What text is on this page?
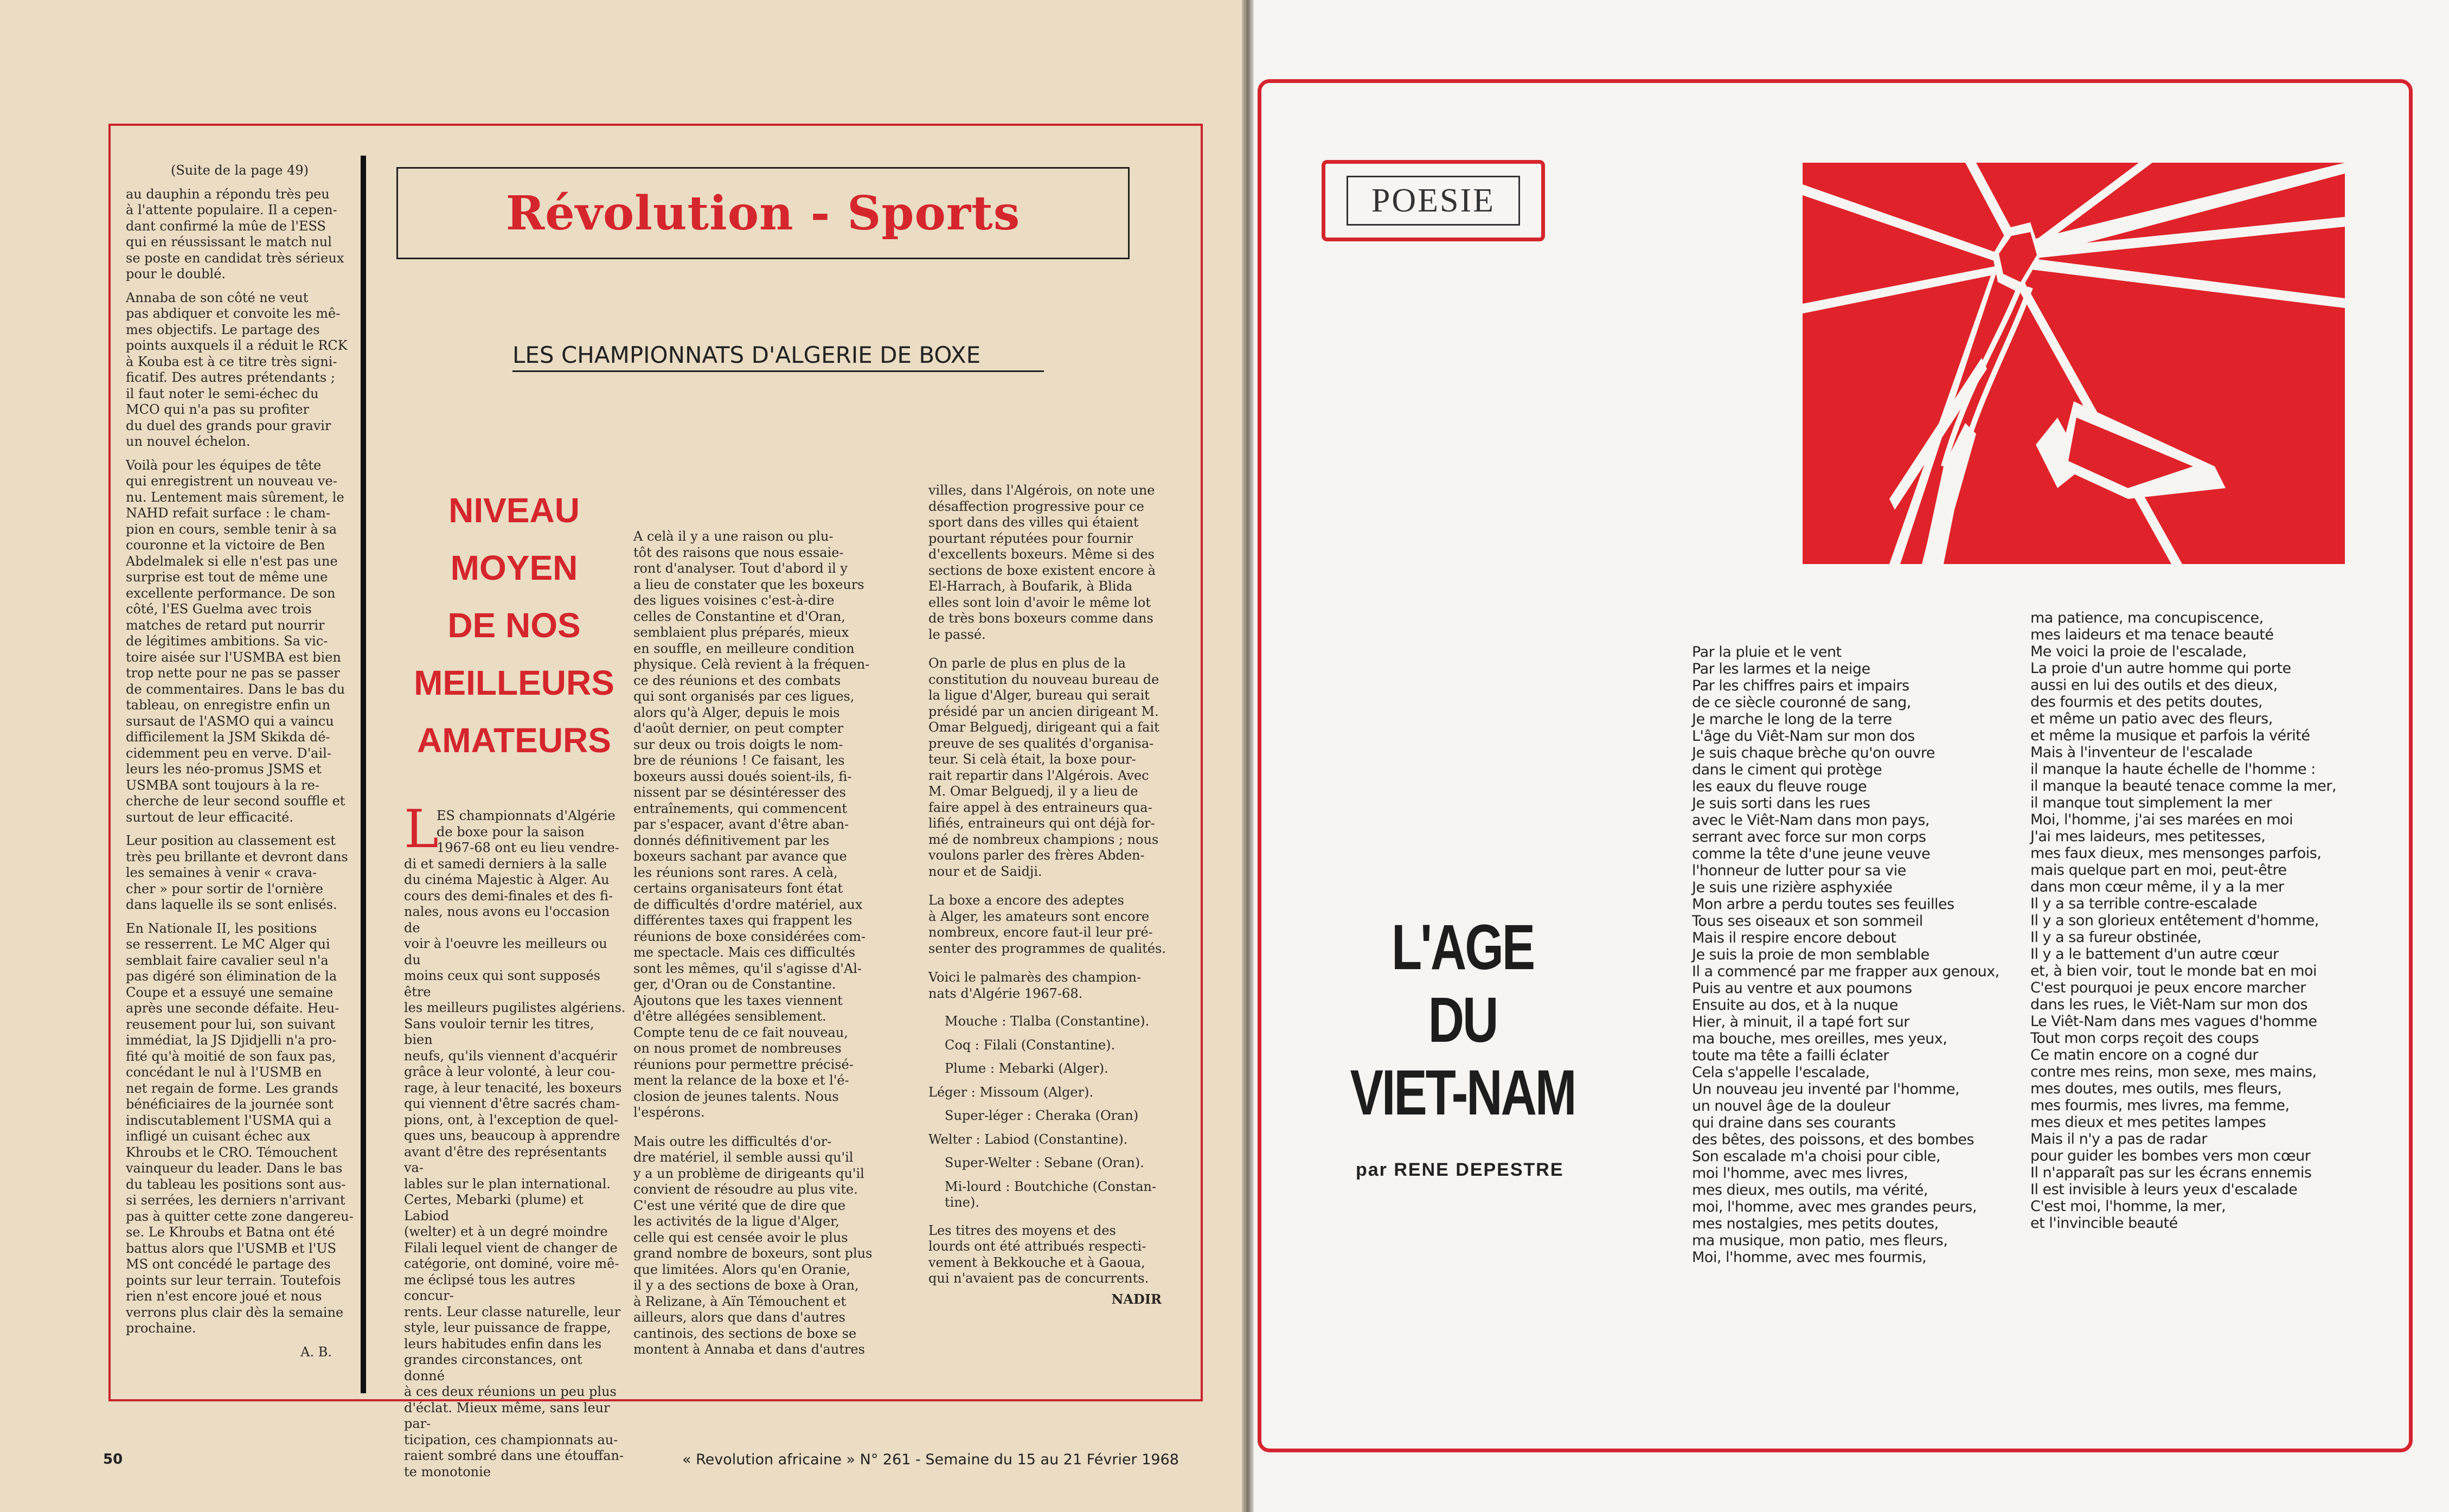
Révolution - Sports
LES CHAMPIONNATS D'ALGERIE DE BOXE
NIVEAU
MOYEN
DE NOS
MEILLEURS
AMATEURS
(Suite de la page 49)
au dauphin a répondu très peu
à l'attente populaire. Il a cepen-
dant confirmé la mûe de l'ESS
qui en réussissant le match nul
se poste en candidat très sérieux
pour le doublé.
Annaba de son côté ne veut
pas abdiquer et convoite les mê-
mes objectifs. Le partage des
points auxquels il a réduit le RCK
à Kouba est à ce titre très signi-
ficatif. Des autres prétendants ;
il faut noter le semi-échec du
MCO qui n'a pas su profiter
du duel des grands pour gravir
un nouvel échelon.
Voilà pour les équipes de tête
qui enregistrent un nouveau ve-
nu. Lentement mais sûrement, le
NAHD refait surface : le cham-
pion en cours, semble tenir à sa
couronne et la victoire de Ben
Abdelmalek si elle n'est pas une
surprise est tout de même une
excellente performance. De son
côté, l'ES Guelma avec trois
matches de retard put nourrir
de légitimes ambitions. Sa vic-
toire aisée sur l'USMBA est bien
trop nette pour ne pas se passer
de commentaires. Dans le bas du
tableau, on enregistre enfin un
sursaut de l'ASMO qui a vaincu
difficilement la JSM Skikda dé-
cidemment peu en verve. D'ail-
leurs les néo-promus JSMS et
USMBA sont toujours à la re-
cherche de leur second souffle et
surtout de leur efficacité.
Leur position au classement est
très peu brillante et devront dans
les semaines à venir « crava-
cher » pour sortir de l'ornière
dans laquelle ils se sont enlisés.
En Nationale II, les positions
se resserrent. Le MC Alger qui
semblait faire cavalier seul n'a
pas digéré son élimination de la
Coupe et a essuyé une semaine
après une seconde défaite. Heu-
reusement pour lui, son suivant
immédiat, la JS Djidjelli n'a pro-
fité qu'à moitié de son faux pas,
concédant le nul à l'USMB en
net regain de forme. Les grands
bénéficiaires de la journée sont
indiscutablement l'USMA qui a
infligé un cuisant échec aux
Khroubs et le CRO. Témouchent
vainqueur du leader. Dans le bas
du tableau les positions sont aus-
si serrées, les derniers n'arrivant
pas à quitter cette zone dangereu-
se. Le Khroubs et Batna ont été
battus alors que l'USMB et l'US
MS ont concédé le partage des
points sur leur terrain. Toutefois
rien n'est encore joué et nous
verrons plus clair dès la semaine
prochaine.
A. B.
L
ES championnats d'Algérie
de boxe pour la saison
1967-68 ont eu lieu vendre-
di et samedi derniers à la salle
du cinéma Majestic à Alger. Au
cours des demi-finales et des fi-
nales, nous avons eu l'occasion de
voir à l'oeuvre les meilleurs ou du
moins ceux qui sont supposés être
les meilleurs pugilistes algériens.
Sans vouloir ternir les titres, bien
neufs, qu'ils viennent d'acquérir
grâce à leur volonté, à leur cou-
rage, à leur tenacité, les boxeurs
qui viennent d'être sacrés cham-
pions, ont, à l'exception de quel-
ques uns, beaucoup à apprendre
avant d'être des représentants va-
lables sur le plan international.
Certes, Mebarki (plume) et Labiod
(welter) et à un degré moindre
Filali lequel vient de changer de
catégorie, ont dominé, voire mê-
me éclipsé tous les autres concur-
rents. Leur classe naturelle, leur
style, leur puissance de frappe,
leurs habitudes enfin dans les
grandes circonstances, ont donné
à ces deux réunions un peu plus
d'éclat. Mieux même, sans leur par-
ticipation, ces championnats au-
raient sombré dans une étouffan-
te monotonie
A celà il y a une raison ou plu-
tôt des raisons que nous essaie-
ront d'analyser. Tout d'abord il y
a lieu de constater que les boxeurs
des ligues voisines c'est-à-dire
celles de Constantine et d'Oran,
semblaient plus préparés, mieux
en souffle, en meilleure condition
physique. Celà revient à la fréquen-
ce des réunions et des combats
qui sont organisés par ces ligues,
alors qu'à Alger, depuis le mois
d'août dernier, on peut compter
sur deux ou trois doigts le nom-
bre de réunions ! Ce faisant, les
boxeurs aussi doués soient-ils, fi-
nissent par se désintéresser des
entraînements, qui commencent
par s'espacer, avant d'être aban-
donnés définitivement par les
boxeurs sachant par avance que
les réunions sont rares. A celà,
certains organisateurs font état
de difficultés d'ordre matériel, aux
différentes taxes qui frappent les
réunions de boxe considérées com-
me spectacle. Mais ces difficultés
sont les mêmes, qu'il s'agisse d'Al-
ger, d'Oran ou de Constantine.
Ajoutons que les taxes viennent
d'être allégées sensiblement.
Compte tenu de ce fait nouveau,
on nous promet de nombreuses
réunions pour permettre précisé-
ment la relance de la boxe et l'é-
closion de jeunes talents. Nous
l'espérons.
Mais outre les difficultés d'or-
dre matériel, il semble aussi qu'il
y a un problème de dirigeants qu'il
convient de résoudre au plus vite.
C'est une vérité que de dire que
les activités de la ligue d'Alger,
celle qui est censée avoir le plus
grand nombre de boxeurs, sont plus
que limitées. Alors qu'en Oranie,
il y a des sections de boxe à Oran,
à Relizane, à Aïn Témouchent et
ailleurs, alors que dans d'autres
cantinois, des sections de boxe se
montent à Annaba et dans d'autres
villes, dans l'Algérois, on note une
désaffection progressive pour ce
sport dans des villes qui étaient
pourtant réputées pour fournir
d'excellents boxeurs. Même si des
sections de boxe existent encore à
El-Harrach, à Boufarik, à Blida
elles sont loin d'avoir le même lot
de très bons boxeurs comme dans
le passé.
On parle de plus en plus de la
constitution du nouveau bureau de
la ligue d'Alger, bureau qui serait
présidé par un ancien dirigeant M.
Omar Belguedj, dirigeant qui a fait
preuve de ses qualités d'organisa-
teur. Si celà était, la boxe pour-
rait repartir dans l'Algérois. Avec
M. Omar Belguedj, il y a lieu de
faire appel à des entraineurs qua-
lifiés, entraineurs qui ont déjà for-
mé de nombreux champions ; nous
voulons parler des frères Abden-
nour et de Saidji.
La boxe a encore des adeptes
à Alger, les amateurs sont encore
nombreux, encore faut-il leur pré-
senter des programmes de qualités.
Voici le palmarès des champion-
nats d'Algérie 1967-68.
Mouche : Tlalba (Constantine).
Coq : Filali (Constantine).
Plume : Mebarki (Alger).
Léger : Missoum (Alger).
Super-léger : Cheraka (Oran)
Welter : Labiod (Constantine).
Super-Welter : Sebane (Oran).
Mi-lourd : Boutchiche (Constan-
tine).
Les titres des moyens et des
lourds ont été attribués respecti-
vement à Bekkouche et à Gaoua,
qui n'avaient pas de concurrents.
NADIR
50	« Revolution africaine » N° 261 - Semaine du 15 au 21 Février 1968
POESIE
L'AGE
DU
VIET-NAM
par RENE DEPESTRE
Par la pluie et le vent
Par les larmes et la neige
Par les chiffres pairs et impairs
de ce siècle couronné de sang,
Je marche le long de la terre
L'âge du Viêt-Nam sur mon dos
Je suis chaque brèche qu'on ouvre
dans le ciment qui protège
les eaux du fleuve rouge
Je suis sorti dans les rues
avec le Viêt-Nam dans mon pays,
serrant avec force sur mon corps
comme la tête d'une jeune veuve
l'honneur de lutter pour sa vie
Je suis une rizière asphyxiée
Mon arbre a perdu toutes ses feuilles
Tous ses oiseaux et son sommeil
Mais il respire encore debout
Je suis la proie de mon semblable
Il a commencé par me frapper aux genoux,
Puis au ventre et aux poumons
Ensuite au dos, et à la nuque
Hier, à minuit, il a tapé fort sur
ma bouche, mes oreilles, mes yeux,
toute ma tête a failli éclater
Cela s'appelle l'escalade,
Un nouveau jeu inventé par l'homme,
un nouvel âge de la douleur
qui draine dans ses courants
des bêtes, des poissons, et des bombes
Son escalade m'a choisi pour cible,
moi l'homme, avec mes livres,
mes dieux, mes outils, ma vérité,
moi, l'homme, avec mes grandes peurs,
mes nostalgies, mes petits doutes,
ma musique, mon patio, mes fleurs,
Moi, l'homme, avec mes fourmis,
ma patience, ma concupiscence,
mes laideurs et ma tenace beauté
Me voici la proie de l'escalade,
La proie d'un autre homme qui porte
aussi en lui des outils et des dieux,
des fourmis et des petits doutes,
et même un patio avec des fleurs,
et même la musique et parfois la vérité
Mais à l'inventeur de l'escalade
il manque la haute échelle de l'homme :
il manque la beauté tenace comme la mer,
il manque tout simplement la mer
Moi, l'homme, j'ai ses marées en moi
J'ai mes laideurs, mes petitesses,
mes faux dieux, mes mensonges parfois,
mais quelque part en moi, peut-être
dans mon cœur même, il y a la mer
Il y a sa terrible contre-escalade
Il y a son glorieux entêtement d'homme,
Il y a sa fureur obstinée,
Il y a le battement d'un autre cœur
et, à bien voir, tout le monde bat en moi
C'est pourquoi je peux encore marcher
dans les rues, le Viêt-Nam sur mon dos
Le Viêt-Nam dans mes vagues d'homme
Tout mon corps reçoit des coups
Ce matin encore on a cogné dur
contre mes reins, mon sexe, mes mains,
mes doutes, mes outils, mes fleurs,
mes fourmis, mes livres, ma femme,
mes dieux et mes petites lampes
Mais il n'y a pas de radar
pour guider les bombes vers mon cœur
Il n'apparaît pas sur les écrans ennemis
Il est invisible à leurs yeux d'escalade
C'est moi, l'homme, la mer,
et l'invincible beauté
